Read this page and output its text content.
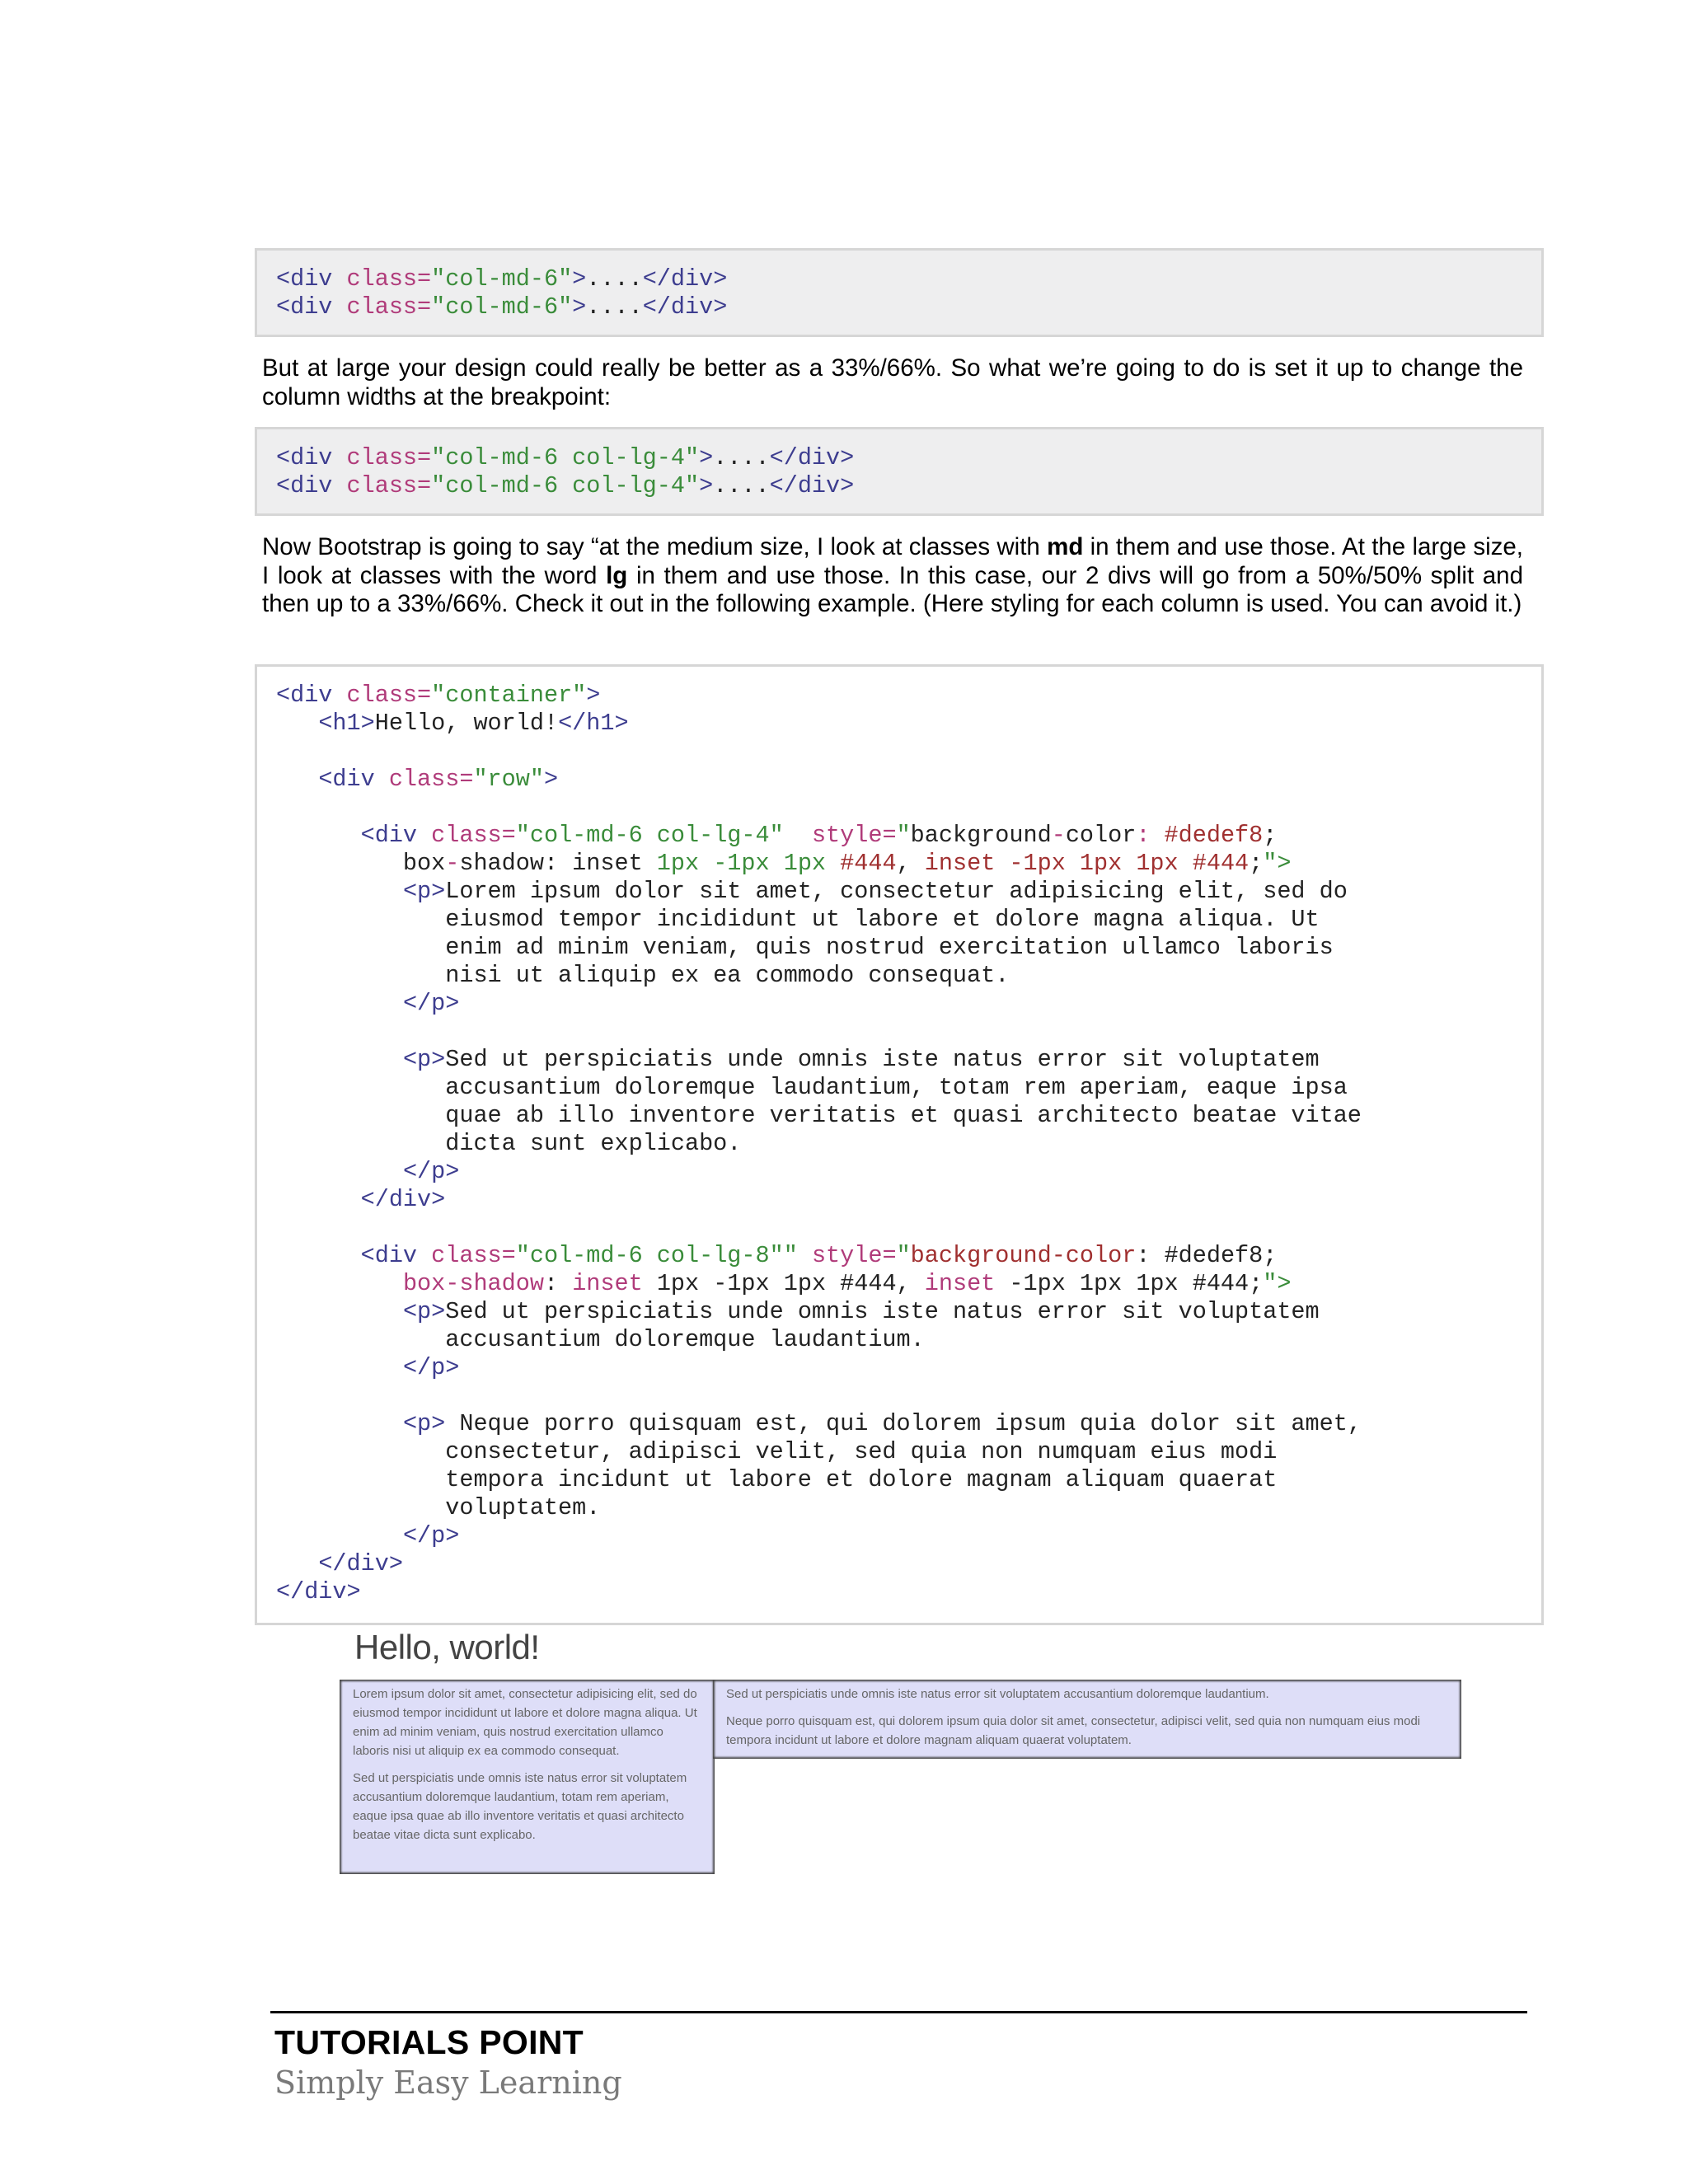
<div class="col-md-6">....</div>
<div class="col-md-6">....</div>
But at large your design could really be better as a 33%/66%. So what we’re going to do is set it up to change the column widths at the breakpoint:
<div class="col-md-6 col-lg-4">....</div>
<div class="col-md-6 col-lg-4">....</div>
Now Bootstrap is going to say “at the medium size, I look at classes with md in them and use those. At the large size, I look at classes with the word lg in them and use those. In this case, our 2 divs will go from a 50%/50% split and then up to a 33%/66%. Check it out in the following example. (Here styling for each column is used. You can avoid it.)
<div class="container">
<h1>Hello, world!</h1>
<div class="row">
<div class="col-md-6 col-lg-4" style="background-color: #dedef8;
box-shadow: inset 1px -1px 1px #444, inset -1px 1px 1px #444;">
<p>Lorem ipsum dolor sit amet, consectetur adipisicing elit, sed do
eiusmod tempor incididunt ut labore et dolore magna aliqua. Ut
enim ad minim veniam, quis nostrud exercitation ullamco laboris
nisi ut aliquip ex ea commodo consequat.
</p>
<p>Sed ut perspiciatis unde omnis iste natus error sit voluptatem
accusantium doloremque laudantium, totam rem aperiam, eaque ipsa
quae ab illo inventore veritatis et quasi architecto beatae vitae
dicta sunt explicabo.
</p>
</div>
<div class="col-md-6 col-lg-8"" style="background-color: #dedef8;
box-shadow: inset 1px -1px 1px #444, inset -1px 1px 1px #444;">
<p>Sed ut perspiciatis unde omnis iste natus error sit voluptatem
accusantium doloremque laudantium.
</p>
<p> Neque porro quisquam est, qui dolorem ipsum quia dolor sit amet,
consectetur, adipisci velit, sed quia non numquam eius modi
tempora incidunt ut labore et dolore magnam aliquam quaerat
voluptatem.
</p>
</div>
</div>
Hello, world!

Lorem ipsum dolor sit amet, consectetur adipisicing elit, sed do eiusmod tempor incididunt ut labore et dolore magna aliqua. Ut enim ad minim veniam, quis nostrud exercitation ullamco laboris nisi ut aliquip ex ea commodo consequat.

Sed ut perspiciatis unde omnis iste natus error sit voluptatem accusantium doloremque laudantium, totam rem aperiam, eaque ipsa quae ab illo inventore veritatis et quasi architecto beatae vitae dicta sunt explicabo.

Sed ut perspiciatis unde omnis iste natus error sit voluptatem accusantium doloremque laudantium.

Neque porro quisquam est, qui dolorem ipsum quia dolor sit amet, consectetur, adipisci velit, sed quia non numquam eius modi tempora incidunt ut labore et dolore magnam aliquam quaerat voluptatem.

TUTORIALS POINT
Simply Easy Learning
